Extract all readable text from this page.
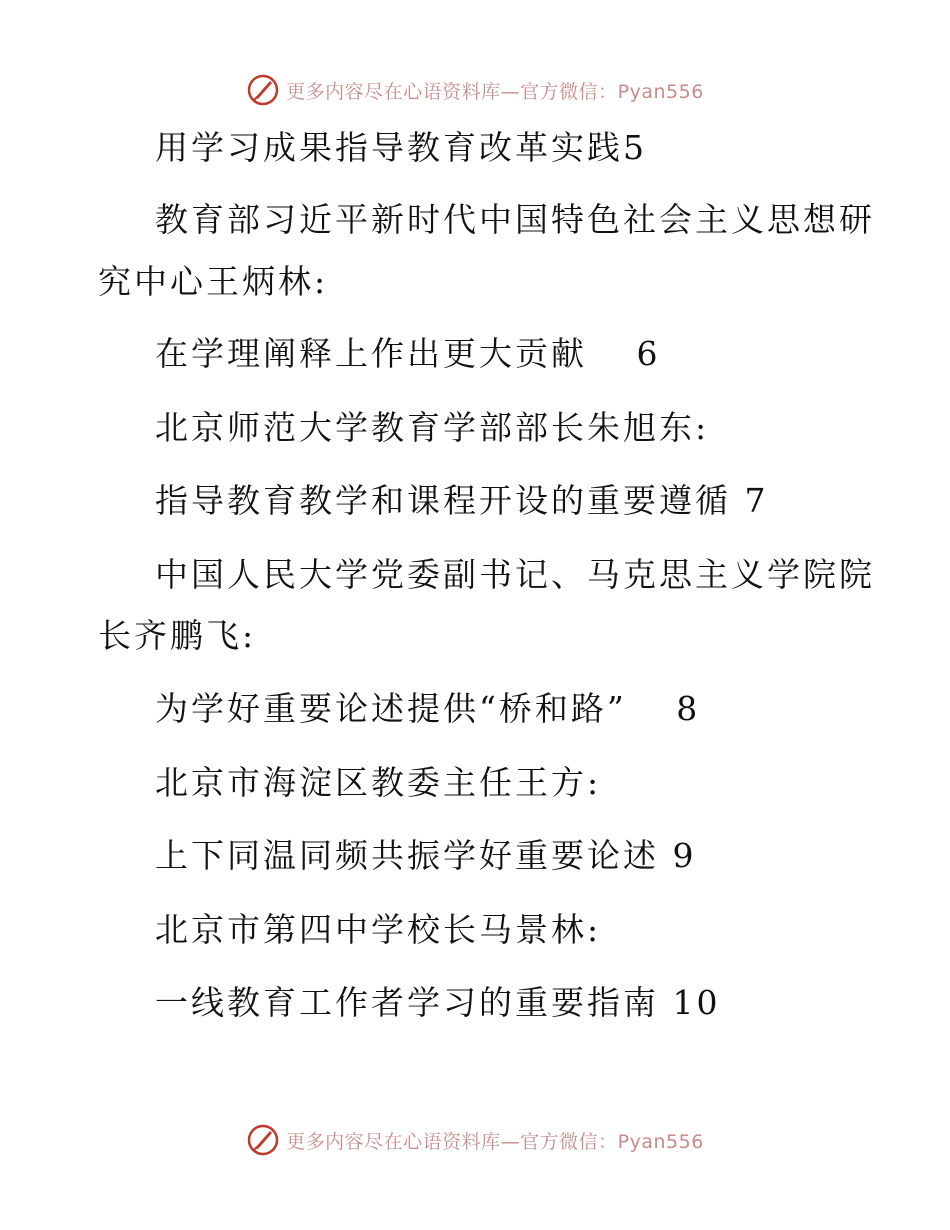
更多内容尽在心语资料库—官方微信：Pyan556
用学习成果指导教育改革实践5
教育部习近平新时代中国特色社会主义思想研
究中心王炳林:
在学理阐释上作出更大贡献　 6
北京师范大学教育学部部长朱旭东:
指导教育教学和课程开设的重要遵循 7
中国人民大学党委副书记、马克思主义学院院
长齐鹏飞:
为学好重要论述提供“桥和路”　 8
北京市海淀区教委主任王方:
上下同温同频共振学好重要论述 9
北京市第四中学校长马景林:
一线教育工作者学习的重要指南 10
更多内容尽在心语资料库—官方微信：Pyan556
